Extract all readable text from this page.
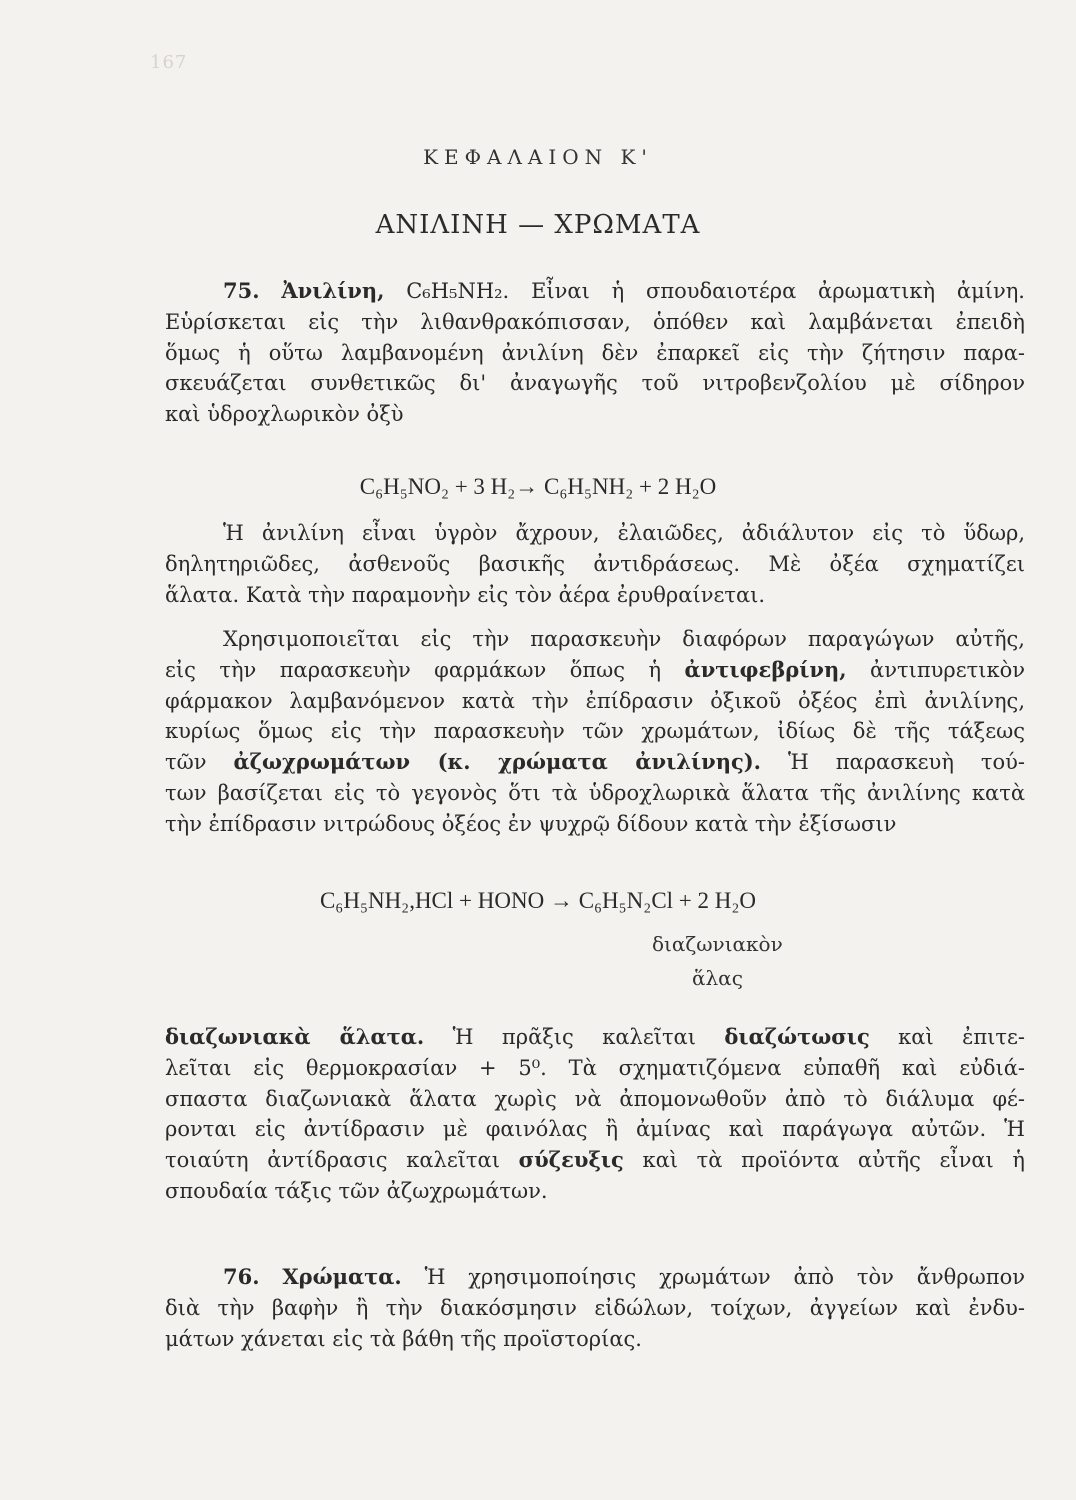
167
ΚΕΦΑΛΑΙΟΝ Κ'
ΑΝΙΛΙΝΗ — ΧΡΩΜΑΤΑ
75. Ἀνιλίνη, C₆H₅NH₂. Εἶναι ἡ σπουδαιοτέρα ἀρωματικὴ ἀμίνη.
Εὑρίσκεται εἰς τὴν λιθανθρακόπισσαν, ὁπόθεν καὶ λαμβάνεται ἐπειδὴ
ὅμως ἡ οὕτω λαμβανομένη ἀνιλίνη δὲν ἐπαρκεῖ εἰς τὴν ζήτησιν παρα-
σκευάζεται συνθετικῶς δι' ἀναγωγῆς τοῦ νιτροβενζολίου μὲ σίδηρον
καὶ ὑδροχλωρικὸν ὀξὺ
C₆H₅NO₂ + 3 H₂→ C₆H₅NH₂ + 2 H₂O
Ἡ ἀνιλίνη εἶναι ὑγρὸν ἄχρουν, ἐλαιῶδες, ἀδιάλυτον εἰς τὸ ὕδωρ,
δηλητηριῶδες, ἀσθενοῦς βασικῆς ἀντιδράσεως. Μὲ ὀξέα σχηματίζει
ἅλατα. Κατὰ τὴν παραμονὴν εἰς τὸν ἀέρα ἐρυθραίνεται.
Χρησιμοποιεῖται εἰς τὴν παρασκευὴν διαφόρων παραγώγων αὐτῆς,
εἰς τὴν παρασκευὴν φαρμάκων ὅπως ἡ ἀντιφεβρίνη, ἀντιπυρετικὸν
φάρμακον λαμβανόμενον κατὰ τὴν ἐπίδρασιν ὀξικοῦ ὀξέος ἐπὶ ἀνιλίνης,
κυρίως ὅμως εἰς τὴν παρασκευὴν τῶν χρωμάτων, ἰδίως δὲ τῆς τάξεως
τῶν ἀζωχρωμάτων (κ. χρώματα ἀνιλίνης). Ἡ παρασκευὴ τού-
των βασίζεται εἰς τὸ γεγονὸς ὅτι τὰ ὑδροχλωρικὰ ἅλατα τῆς ἀνιλίνης κατὰ
τὴν ἐπίδρασιν νιτρώδους ὀξέος ἐν ψυχρῷ δίδουν κατὰ τὴν ἐξίσωσιν
C₆H₅NH₂,HCl + HONO → C₆H₅N₂Cl + 2 H₂O
διαζωνιακὸν
ἅλας
διαζωνιακὰ ἅλατα. Ἡ πρᾶξις καλεῖται διαζώτωσις καὶ ἐπιτε-
λεῖται εἰς θερμοκρασίαν + 5⁰. Τὰ σχηματιζόμενα εὐπαθῆ καὶ εὐδιά-
σπαστα διαζωνιακὰ ἅλατα χωρὶς νὰ ἀπομονωθοῦν ἀπὸ τὸ διάλυμα φέ-
ρονται εἰς ἀντίδρασιν μὲ φαινόλας ἢ ἀμίνας καὶ παράγωγα αὐτῶν. Ἡ
τοιαύτη ἀντίδρασις καλεῖται σύζευξις καὶ τὰ προϊόντα αὐτῆς εἶναι ἡ
σπουδαία τάξις τῶν ἀζωχρωμάτων.
76. Χρώματα. Ἡ χρησιμοποίησις χρωμάτων ἀπὸ τὸν ἄνθρωπον
διὰ τὴν βαφὴν ἢ τὴν διακόσμησιν εἰδώλων, τοίχων, ἀγγείων καὶ ἐνδυ-
μάτων χάνεται εἰς τὰ βάθη τῆς προϊστορίας.
